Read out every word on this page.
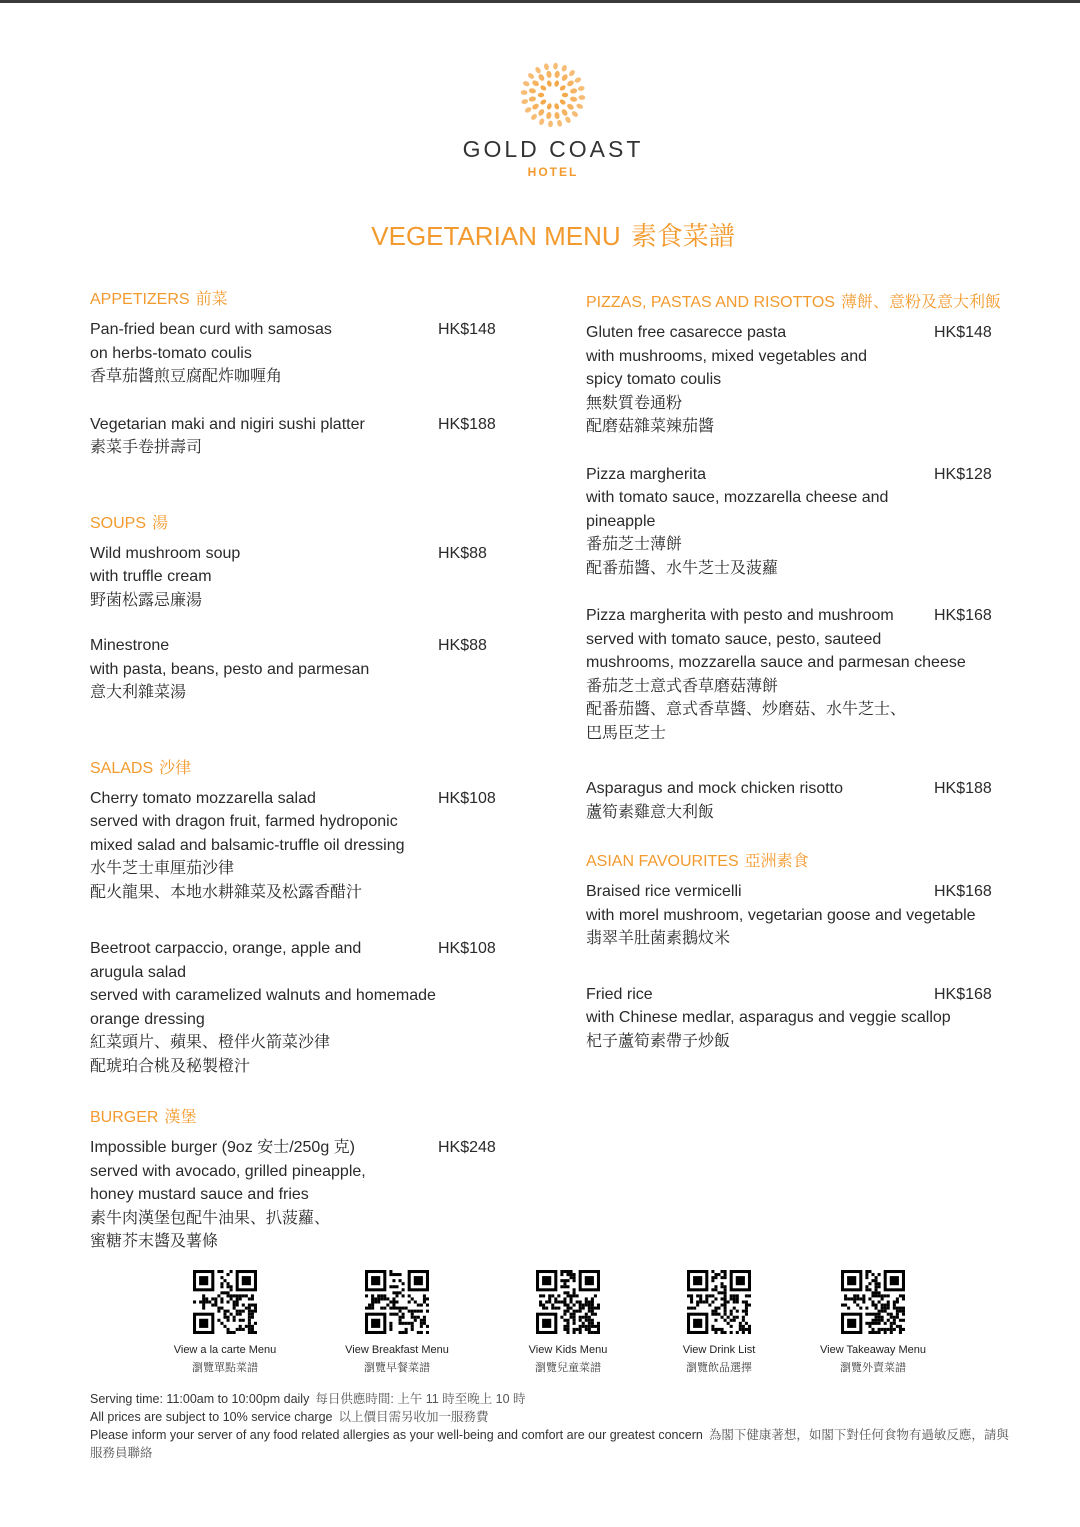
GOLD COAST
HOTEL
VEGETARIAN MENU 素食菜譜
APPETIZERS 前菜
Pan-fried bean curd with samosas	HK$148
on herbs-tomato coulis
香草茄醬煎豆腐配炸咖喱角
Vegetarian maki and nigiri sushi platter	HK$188
素菜手卷拼壽司
SOUPS 湯
Wild mushroom soup	HK$88
with truffle cream
野菌松露忌廉湯
Minestrone	HK$88
with pasta, beans, pesto and parmesan
意大利雜菜湯
SALADS 沙律
Cherry tomato mozzarella salad	HK$108
served with dragon fruit, farmed hydroponic
mixed salad and balsamic-truffle oil dressing
水牛芝士車厘茄沙律
配火龍果、本地水耕雜菜及松露香醋汁
Beetroot carpaccio, orange, apple and	HK$108
arugula salad
served with caramelized walnuts and homemade
orange dressing
紅菜頭片、蘋果、橙伴火箭菜沙律
配琥珀合桃及秘製橙汁
BURGER 漢堡
Impossible burger (9oz 安士/250g 克)	HK$248
served with avocado, grilled pineapple,
honey mustard sauce and fries
素牛肉漢堡包配牛油果、扒菠蘿、
蜜糖芥末醬及薯條
PIZZAS, PASTAS AND RISOTTOS 薄餅、意粉及意大利飯
Gluten free casarecce pasta	HK$148
with mushrooms, mixed vegetables and
spicy tomato coulis
無麩質卷通粉
配磨菇雜菜辣茄醬
Pizza margherita	HK$128
with tomato sauce, mozzarella cheese and
pineapple
番茄芝士薄餅
配番茄醬、水牛芝士及菠蘿
Pizza margherita with pesto and mushroom	HK$168
served with tomato sauce, pesto, sauteed
mushrooms, mozzarella sauce and parmesan cheese
番茄芝士意式香草磨菇薄餅
配番茄醬、意式香草醬、炒磨菇、水牛芝士、
巴馬臣芝士
Asparagus and mock chicken risotto	HK$188
蘆筍素雞意大利飯
ASIAN FAVOURITES 亞洲素食
Braised rice vermicelli	HK$168
with morel mushroom, vegetarian goose and vegetable
翡翠羊肚菌素鵝炆米
Fried rice	HK$168
with Chinese medlar, asparagus and veggie scallop
杞子蘆筍素帶子炒飯
View a la carte Menu
瀏覽單點菜譜
View Breakfast Menu
瀏覽早餐菜譜
View Kids Menu
瀏覽兒童菜譜
View Drink List
瀏覽飲品選擇
View Takeaway Menu
瀏覽外賣菜譜
Serving time: 11:00am to 10:00pm daily 每日供應時間: 上午 11 時至晚上 10 時
All prices are subject to 10% service charge 以上價目需另收加一服務費
Please inform your server of any food related allergies as your well-being and comfort are our greatest concern 為閣下健康著想，如閣下對任何食物有過敏反應，請與服務員聯絡
